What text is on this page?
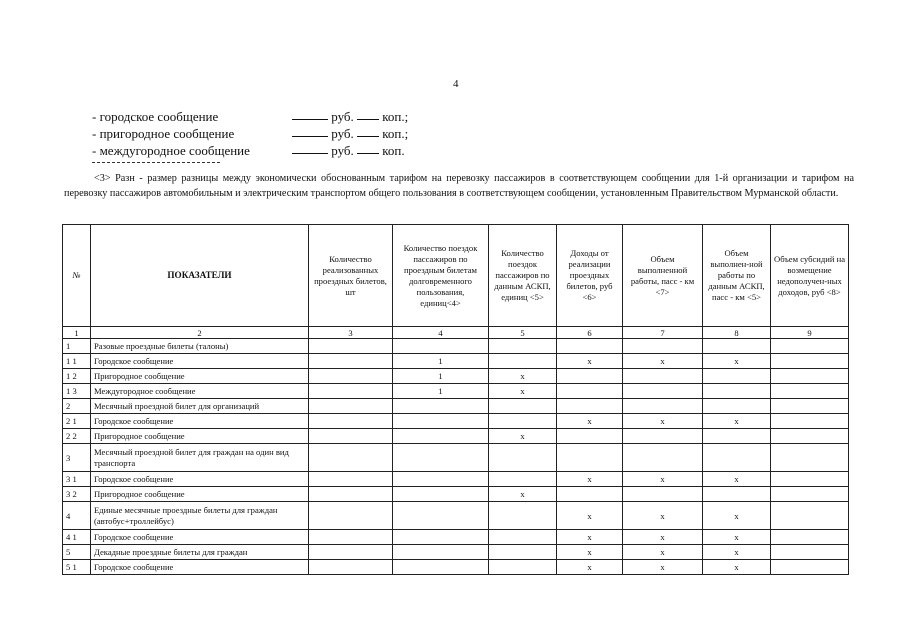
4
- городское сообщение
	руб.

коп.;
- пригородное сообщение
	руб.

коп.;
- междугородное сообщение
	руб.

коп.
<3> Разн - размер разницы между экономически обоснованным тарифом на перевозку пассажиров в соответствующем сообщении для 1-й организации и тарифом на перевозку пассажиров автомобильным и электрическим транспортом общего пользования в соответствующем сообщении, установленным Правительством Мурманской области.
№	ПОКАЗАТЕЛИ	Количество реализованных проездных билетов, шт	Количество поездок пассажиров по проездным билетам долговременного пользования, единиц<4>	Количество поездок пассажиров по данным АСКП, единиц <5>	Доходы от реализации проездных билетов, руб <6>	Объем выполненной работы, пасс - км <7>	Объем выполнен-ной работы по данным АСКП, пасс - км <5>	Объем субсидий на возмещение недополучен-ных доходов, руб <8>
1	2	3	4	5	6	7	8	9
1	Разовые проездные билеты (талоны)							
1 1	Городское сообщение		1		x	x	x	
1 2	Пригородное сообщение		1	x				
1 3	Междугородное сообщение		1	x				
2	Месячный проездной билет для организаций							
2 1	Городское сообщение				x	x	x	
2 2	Пригородное сообщение			x				
3	Месячный проездной билет для граждан на один вид транспорта							
3 1	Городское сообщение				x	x	x	
3 2	Пригородное сообщение			x				
4	Единые месячные проездные билеты для граждан (автобус+троллейбус)				x	x	x	
4 1	Городское сообщение				x	x	x	
5	Декадные проездные билеты для граждан				x	x	x	
5 1	Городское сообщение				x	x	x	
